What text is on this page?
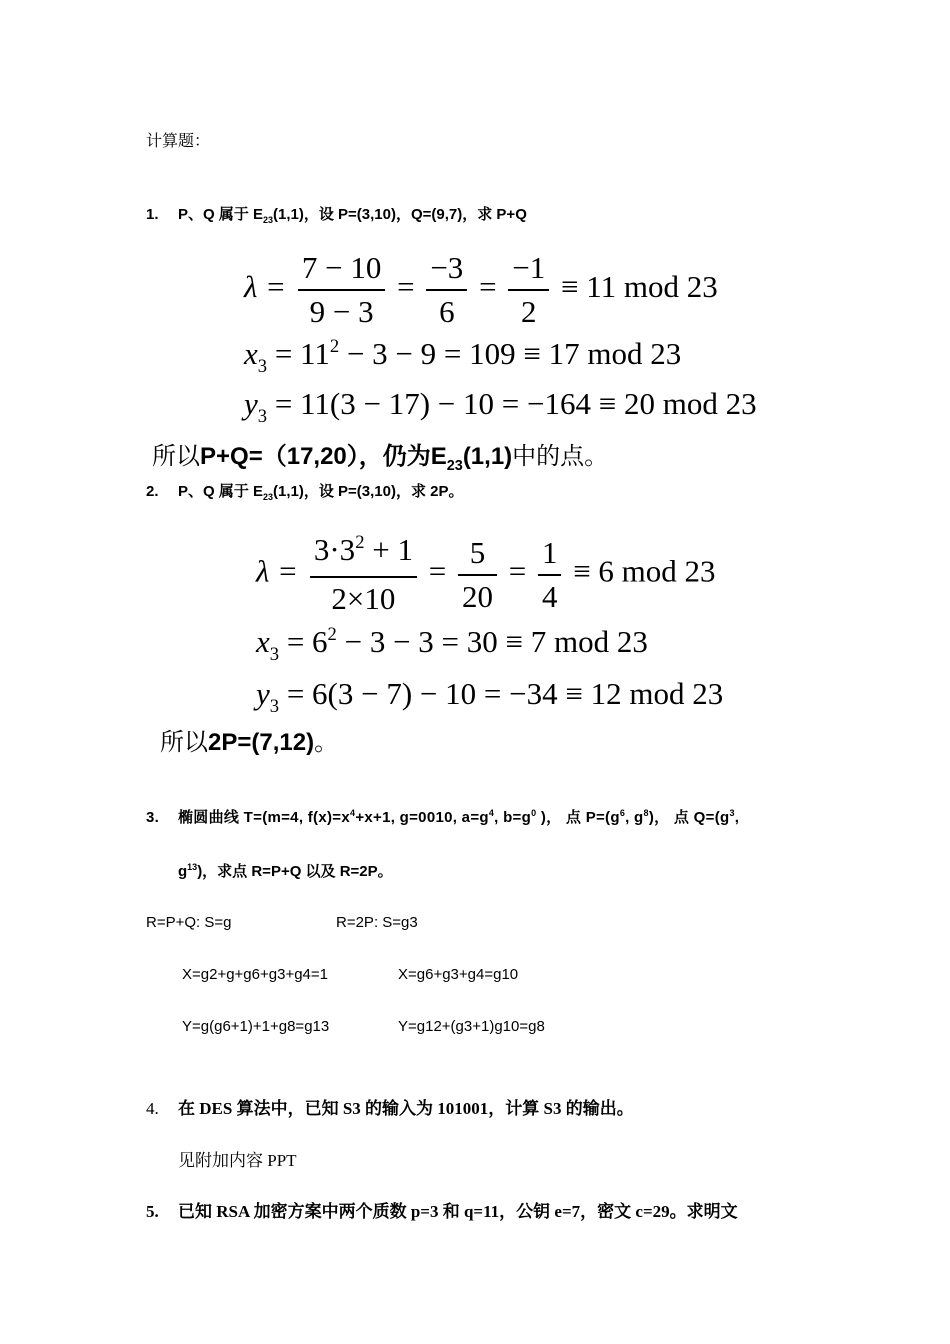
计算题：
1. P、Q 属于 $E_{23}(1,1)$，设 P=(3,10)，Q=(9,7)，求 P+Q
$\lambda = \frac{7 - 10}{9 - 3} = \frac{-3}{6} = \frac{-1}{2} \equiv 11$ mod 23
$x_3 = 11^2 - 3 - 9 = 109 \equiv 17$ mod 23
$y_3 = 11(3 - 17) - 10 = -164 \equiv 20$ mod 23
所以P+Q=（17,20），仍为$E_{23}(1,1)$中的点。
2. P、Q 属于 $E_{23}(1,1)$，设 P=(3,10)，求 2P。
$\lambda = \frac{3\cdot 3^2 + 1}{2\times 10} = \frac{5}{20} = \frac{1}{4} \equiv 6$ mod 23
$x_3 = 6^2 - 3 - 3 = 30 \equiv 7$ mod 23
$y_3 = 6(3 - 7) - 10 = -34 \equiv 12$ mod 23
所以2P=(7,12)。
3. 椭圆曲线 T=(m=4, $f(x)=x^4+x+1$, g=0010, $a=g^4$, $b=g^0$ )， 点 $P=(g^6$, $g^8$)， 点 $Q=(g^3$,
$g^{13}$)，求点 R=P+Q 以及 R=2P。
R=P+Q: S=g	R=2P: S=g3
X=g2+g+g6+g3+g4=1	X=g6+g3+g4=g10
Y=g(g6+1)+1+g8=g13	Y=g12+(g3+1)g10=g8
4. 在 DES 算法中，已知 S3 的输入为 101001，计算 S3 的输出。
见附加内容 PPT
5. 已知 RSA 加密方案中两个质数 p=3 和 q=11，公钥 e=7，密文 c=29。求明文
